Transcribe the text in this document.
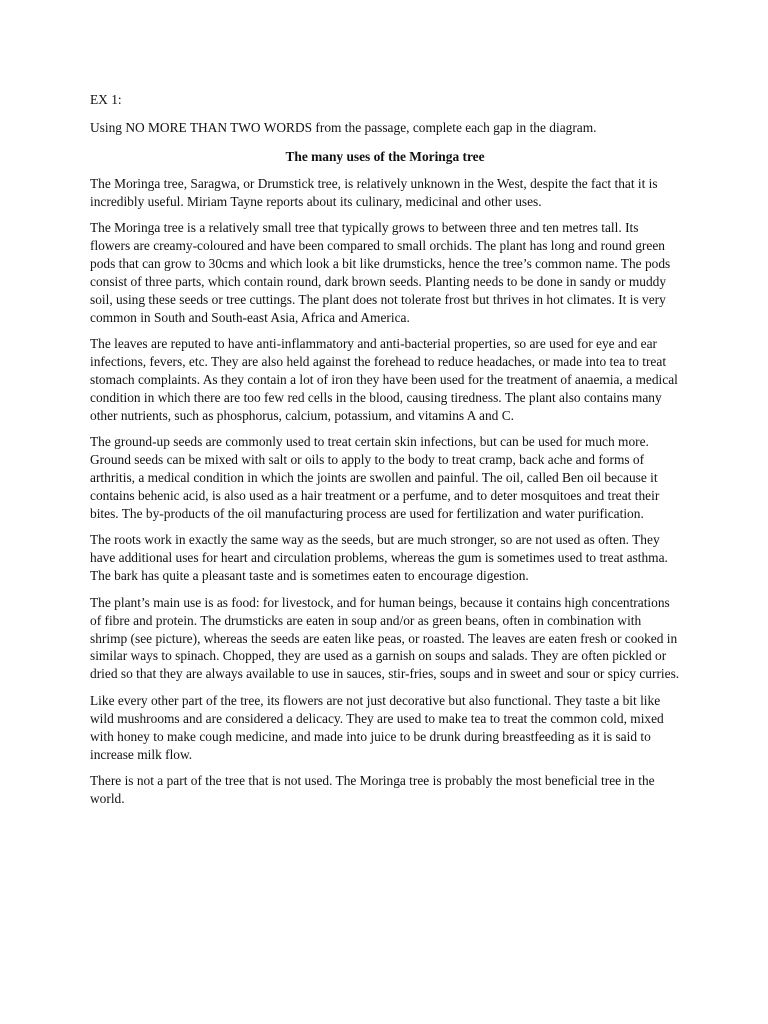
EX 1:

Using NO MORE THAN TWO WORDS from the passage, complete each gap in the diagram.

The many uses of the Moringa tree

The Moringa tree, Saragwa, or Drumstick tree, is relatively unknown in the West, despite the fact that it is incredibly useful. Miriam Tayne reports about its culinary, medicinal and other uses.

The Moringa tree is a relatively small tree that typically grows to between three and ten metres tall. Its flowers are creamy-coloured and have been compared to small orchids. The plant has long and round green pods that can grow to 30cms and which look a bit like drumsticks, hence the tree’s common name. The pods consist of three parts, which contain round, dark brown seeds. Planting needs to be done in sandy or muddy soil, using these seeds or tree cuttings. The plant does not tolerate frost but thrives in hot climates. It is very common in South and South-east Asia, Africa and America.

The leaves are reputed to have anti-inflammatory and anti-bacterial properties, so are used for eye and ear infections, fevers, etc. They are also held against the forehead to reduce headaches, or made into tea to treat stomach complaints. As they contain a lot of iron they have been used for the treatment of anaemia, a medical condition in which there are too few red cells in the blood, causing tiredness. The plant also contains many other nutrients, such as phosphorus, calcium, potassium, and vitamins A and C.

The ground-up seeds are commonly used to treat certain skin infections, but can be used for much more. Ground seeds can be mixed with salt or oils to apply to the body to treat cramp, back ache and forms of arthritis, a medical condition in which the joints are swollen and painful. The oil, called Ben oil because it contains behenic acid, is also used as a hair treatment or a perfume, and to deter mosquitoes and treat their bites. The by-products of the oil manufacturing process are used for fertilization and water purification.

The roots work in exactly the same way as the seeds, but are much stronger, so are not used as often. They have additional uses for heart and circulation problems, whereas the gum is sometimes used to treat asthma. The bark has quite a pleasant taste and is sometimes eaten to encourage digestion.

The plant’s main use is as food: for livestock, and for human beings, because it contains high concentrations of fibre and protein. The drumsticks are eaten in soup and/or as green beans, often in combination with shrimp (see picture), whereas the seeds are eaten like peas, or roasted. The leaves are eaten fresh or cooked in similar ways to spinach. Chopped, they are used as a garnish on soups and salads. They are often pickled or dried so that they are always available to use in sauces, stir-fries, soups and in sweet and sour or spicy curries.

Like every other part of the tree, its flowers are not just decorative but also functional. They taste a bit like wild mushrooms and are considered a delicacy. They are used to make tea to treat the common cold, mixed with honey to make cough medicine, and made into juice to be drunk during breastfeeding as it is said to increase milk flow.

There is not a part of the tree that is not used. The Moringa tree is probably the most beneficial tree in the world.
